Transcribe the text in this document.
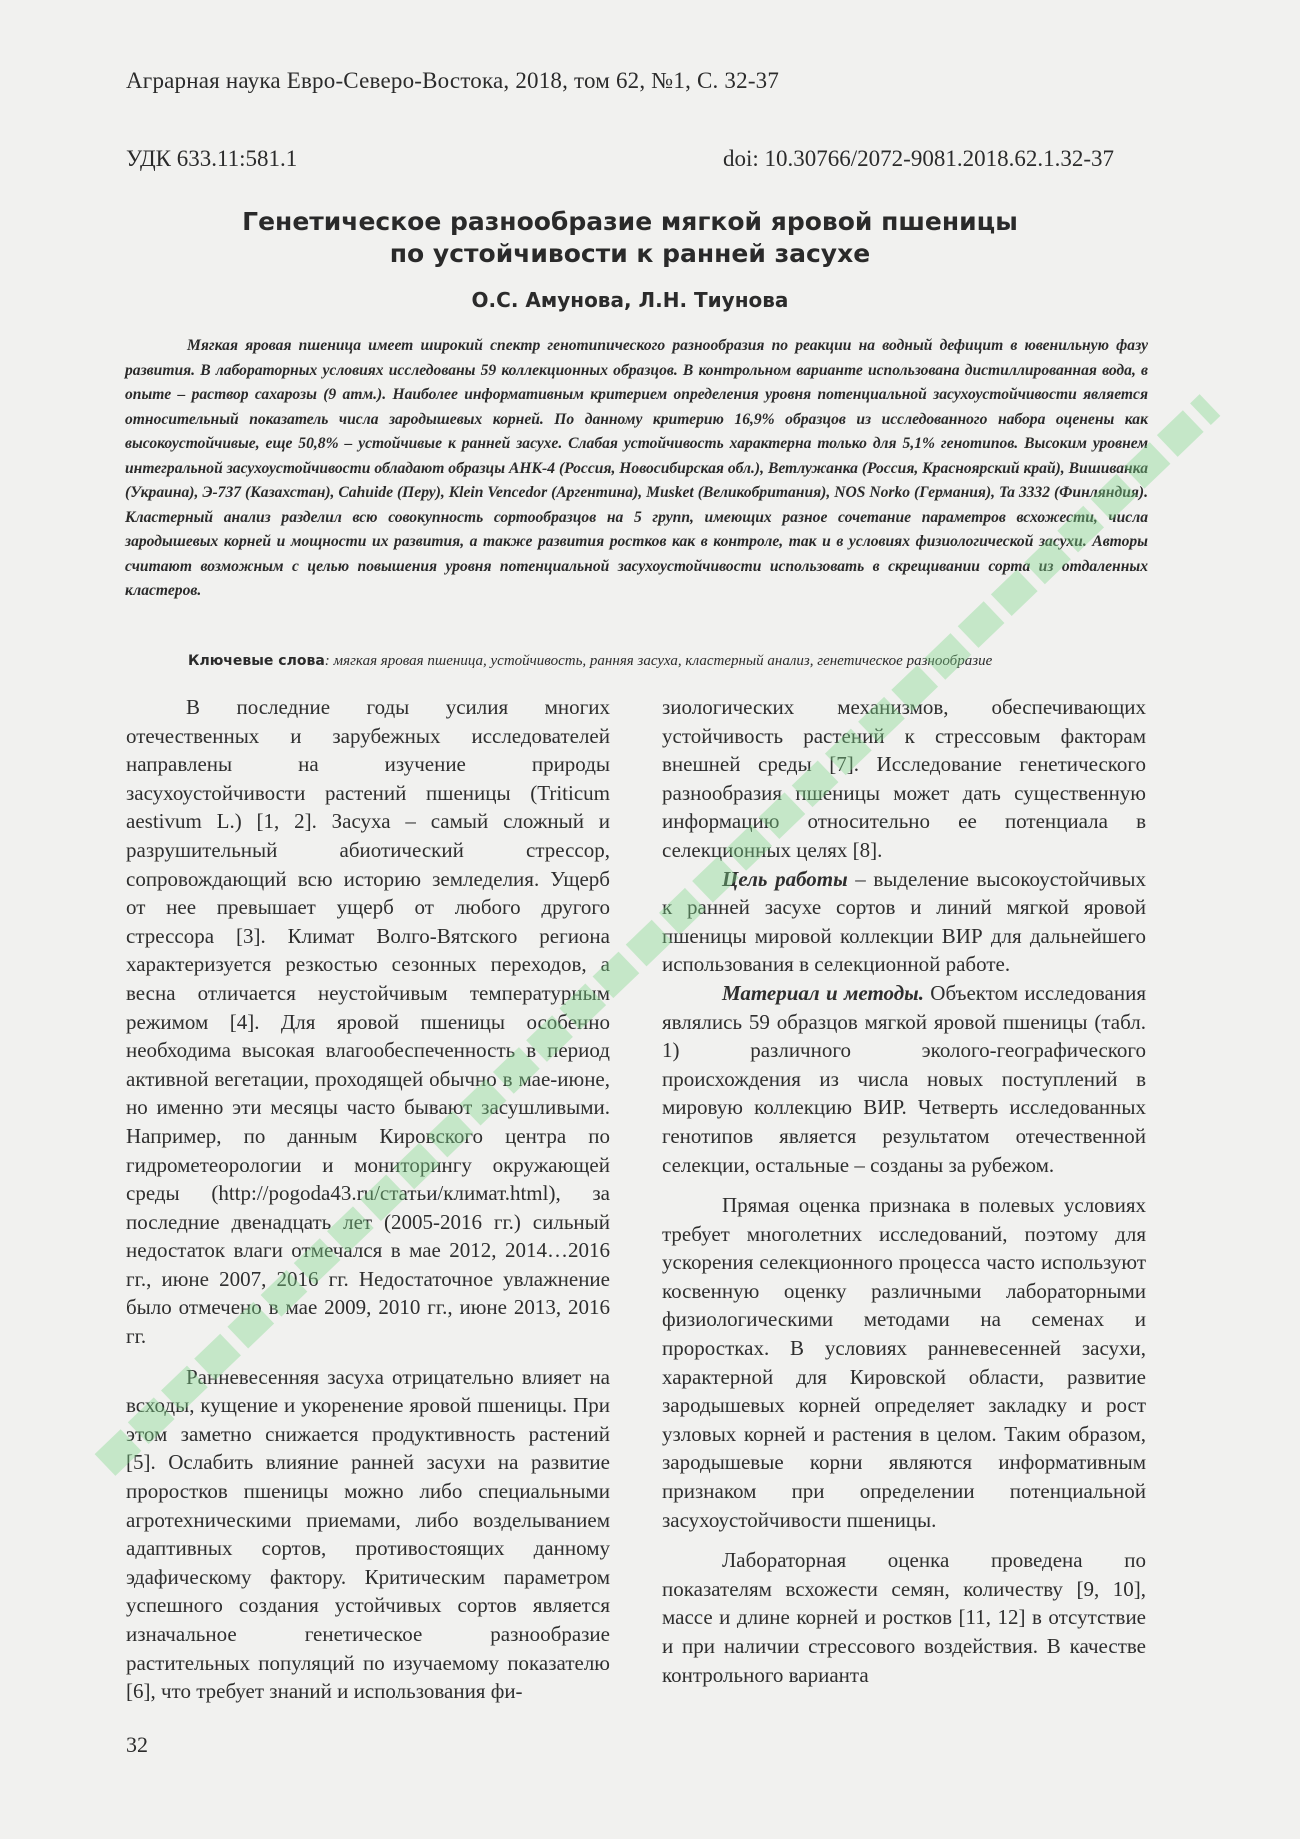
Аграрная наука Евро-Северо-Востока, 2018, том 62, №1, С. 32-37
УДК 633.11:581.1	doi: 10.30766/2072-9081.2018.62.1.32-37
Генетическое разнообразие мягкой яровой пшеницы
по устойчивости к ранней засухе
О.С. Амунова, Л.Н. Тиунова
Мягкая яровая пшеница имеет широкий спектр генотипического разнообразия по реакции на водный дефицит в ювенильную фазу развития. В лабораторных условиях исследованы 59 коллекционных образцов. В контрольном варианте использована дистиллированная вода, в опыте – раствор сахарозы (9 атм.). Наиболее информативным критерием определения уровня потенциальной засухоустойчивости является относительный показатель числа зародышевых корней. По данному критерию 16,9% образцов из исследованного набора оценены как высокоустойчивые, еще 50,8% – устойчивые к ранней засухе. Слабая устойчивость характерна только для 5,1% генотипов. Высоким уровнем интегральной засухоустойчивости обладают образцы АНК-4 (Россия, Новосибирская обл.), Ветлужанка (Россия, Красноярский край), Вишиванка (Украина), Э-737 (Казахстан), Cahuide (Перу), Klein Vencedor (Аргентина), Musket (Великобритания), NOS Norko (Германия), Ta 3332 (Финляндия). Кластерный анализ разделил всю совокупность сортообразцов на 5 групп, имеющих разное сочетание параметров всхожести, числа зародышевых корней и мощности их развития, а также развития ростков как в контроле, так и в условиях физиологической засухи. Авторы считают возможным с целью повышения уровня потенциальной засухоустойчивости использовать в скрещивании сорта из отдаленных кластеров.
Ключевые слова: мягкая яровая пшеница, устойчивость, ранняя засуха, кластерный анализ, генетическое разнообразие

В последние годы усилия многих отечественных и зарубежных исследователей направлены на изучение природы засухоустойчивости растений пшеницы (Triticum aestivum L.) [1, 2]. Засуха – самый сложный и разрушительный абиотический стрессор, сопровождающий всю историю земледелия. Ущерб от нее превышает ущерб от любого другого стрессора [3]. Климат Волго-Вятского региона характеризуется резкостью сезонных переходов, а весна отличается неустойчивым температурным режимом [4]. Для яровой пшеницы особенно необходима высокая влагообеспеченность в период активной вегетации, проходящей обычно в мае-июне, но именно эти месяцы часто бывают засушливыми. Например, по данным Кировского центра по гидрометеорологии и мониторингу окружающей среды (http://pogoda43.ru/статьи/климат.html), за последние двенадцать лет (2005-2016 гг.) сильный недостаток влаги отмечался в мае 2012, 2014…2016 гг., июне 2007, 2016 гг. Недостаточное увлажнение было отмечено в мае 2009, 2010 гг., июне 2013, 2016 гг.

Ранневесенняя засуха отрицательно влияет на всходы, кущение и укоренение яровой пшеницы. При этом заметно снижается продуктивность растений [5]. Ослабить влияние ранней засухи на развитие проростков пшеницы можно либо специальными агротехническими приемами, либо возделыванием адаптивных сортов, противостоящих данному эдафическому фактору. Критическим параметром успешного создания устойчивых сортов является изначальное генетическое разнообразие растительных популяций по изучаемому показателю [6], что требует знаний и использования фи-

зиологических механизмов, обеспечивающих устойчивость растений к стрессовым факторам внешней среды [7]. Исследование генетического разнообразия пшеницы может дать существенную информацию относительно ее потенциала в селекционных целях [8].

Цель работы – выделение высокоустойчивых к ранней засухе сортов и линий мягкой яровой пшеницы мировой коллекции ВИР для дальнейшего использования в селекционной работе.

Материал и методы. Объектом исследования являлись 59 образцов мягкой яровой пшеницы (табл. 1) различного эколого-географического происхождения из числа новых поступлений в мировую коллекцию ВИР. Четверть исследованных генотипов является результатом отечественной селекции, остальные – созданы за рубежом.

Прямая оценка признака в полевых условиях требует многолетних исследований, поэтому для ускорения селекционного процесса часто используют косвенную оценку различными лабораторными физиологическими методами на семенах и проростках. В условиях ранневесенней засухи, характерной для Кировской области, развитие зародышевых корней определяет закладку и рост узловых корней и растения в целом. Таким образом, зародышевые корни являются информативным признаком при определении потенциальной засухоустойчивости пшеницы.

Лабораторная оценка проведена по показателям всхожести семян, количеству [9, 10], массе и длине корней и ростков [11, 12] в отсутствие и при наличии стрессового воздействия. В качестве контрольного варианта

32
